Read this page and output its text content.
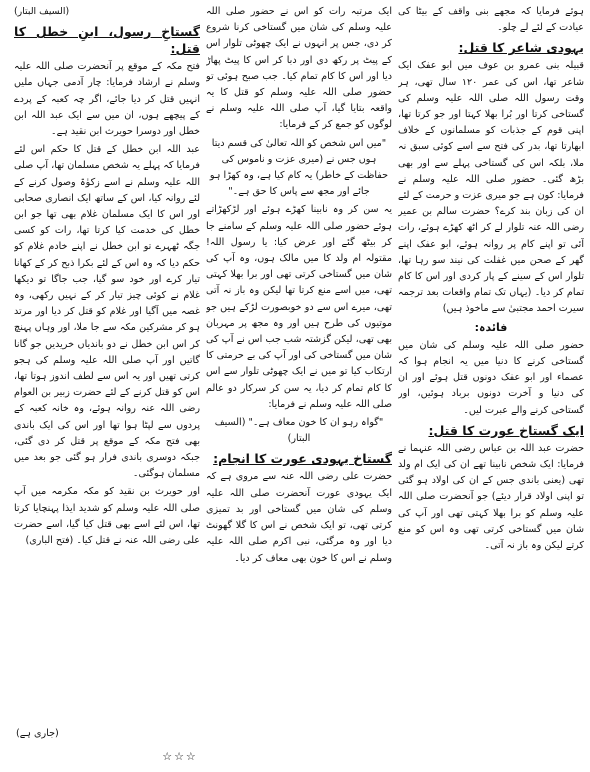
ہوئے فرمایا کہ مجھے بنی واقف کے بیٹا کی عیادت کے لئے لے چلو۔

یہودی شاعر کا قتل:

قبیلہ بنی عمرو بن عوف میں ابو عفک ایک شاعر تھا، اس کی عمر ۱۲۰ سال تھی، ہر وقت رسول اللہ صلی اللہ علیہ وسلم کی گستاخی کرتا اور بُرا بھلا کہتا اور جو کرتا تھا، اپنی قوم کے جذبات کو مسلمانوں کے خلاف ابھارتا تھا، بدر کی فتح سے اسے کوئی سبق نہ ملا، بلکہ اس کی گستاخی پہلے سے اور بھی بڑھ گئی۔ حضور صلی اللہ علیہ وسلم نے فرمایا: کون ہے جو میری عزت و حرمت کے لئے ان کی زبان بند کرے؟ حضرت سالم بن عمیر رضی اللہ عنہ تلوار لے کر اٹھ کھڑے ہوئے، رات آئی تو اپنے کام پر روانہ ہوئے، ابو عفک اپنے گھر کے صحن میں غفلت کی نیند سو رہا تھا، تلوار اس کے سینے کے پار کردی اور اس کا کام تمام کر دیا۔ (یہاں تک تمام واقعات بعد ترجمہ سیرت احمد مجتبیٰ سے ماخوذ ہیں)

فائدہ:

حضور صلی اللہ علیہ وسلم کی شان میں گستاخی کرنے کا دنیا میں یہ انجام ہوا کہ عصماء اور ابو عفک دونوں قتل ہوئے اور ان کی دنیا و آخرت دونوں برباد ہوئیں، اور گستاخی کرنے والے عبرت لیں۔

ایک گستاخ عورت کا قتل:

حضرت عبد اللہ بن عباس رضی اللہ عنہما نے فرمایا: ایک شخص نابینا تھے ان کی ایک ام ولد تھی (یعنی باندی جس کے ان کی اولاد ہو گئی تو اپنی اولاد قرار دیئے) جو آنحضرت صلی اللہ علیہ وسلم کو برا بھلا کہتی تھی اور آپ کی شان میں گستاخی کرتی تھی وہ اس کو منع کرتے لیکن وہ باز نہ آتی۔

ایک مرتبہ رات کو اس نے حضور صلی اللہ علیہ وسلم کی شان میں گستاخی کرنا شروع کر دی، جس پر انہوں نے ایک چھوٹی تلوار اس کے پیٹ پر رکھ دی اور دبا کر اس کا پیٹ پھاڑ دیا اور اس کا کام تمام کیا۔ جب صبح ہوئی تو حضور صلی اللہ علیہ وسلم کو قتل کا یہ واقعہ بتایا گیا، آپ صلی اللہ علیہ وسلم نے لوگوں کو جمع کر کے فرمایا:

"میں اس شخص کو اللہ تعالیٰ کی قسم دیتا ہوں جس نے (میری عزت و ناموس کی حفاظت کے خاطر) یہ کام کیا ہے، وہ کھڑا ہو جائے اور مجھ سے پاس کا حق ہے۔"

یہ سن کر وہ نابینا کھڑے ہوئے اور لڑکھڑاتے ہوئے حضور صلی اللہ علیہ وسلم کے سامنے جا کر بیٹھ گئے اور عرض کیا: یا رسول اللہ! مقتولہ ام ولد کا میں مالک ہوں، وہ آپ کی شان میں گستاخی کرتی تھی اور برا بھلا کہتی تھی، میں اسے منع کرتا تھا لیکن وہ باز نہ آتی تھی، میرے اس سے دو خوبصورت لڑکے ہیں جو موتیوں کی طرح ہیں اور وہ مجھ پر مہربان بھی تھی، لیکن گزشتہ شب جب اس نے آپ کی شان میں گستاخی کی اور آپ کی بے حرمتی کا ارتکاب کیا تو میں نے ایک چھوٹی تلوار سے اس کا کام تمام کر دیا، یہ سن کر سرکار دو عالم صلی اللہ علیہ وسلم نے فرمایا:

"گواہ رہو ان کا خون معاف ہے۔" (السیف البتار)

گستاخ یہودی عورت کا انجام:

حضرت علی رضی اللہ عنہ سے مروی ہے کہ ایک یہودی عورت آنحضرت صلی اللہ علیہ وسلم کی شان میں گستاخی اور بد تمیزی کرتی تھی، تو ایک شخص نے اس کا گلا گھونٹ دیا اور وہ مرگئی، نبی اکرم صلی اللہ علیہ وسلم نے اس کا خون بھی معاف کر دیا۔

(السیف البتار)

گستاخِ رسول، ابنِ خطل کا قتل:

فتح مکہ کے موقع پر آنحضرت صلی اللہ علیہ وسلم نے ارشاد فرمایا: چار آدمی جہاں ملیں انہیں قتل کر دیا جائے، اگر چہ کعبہ کے پردے کے پیچھے ہوں، ان میں سے ایک عبد اللہ ابن خطل اور دوسرا حویرث ابن نقید ہے۔

عبد اللہ ابن خطل کے قتل کا حکم اس لئے فرمایا کہ پہلے یہ شخص مسلمان تھا، آپ صلی اللہ علیہ وسلم نے اسے زکوٰۃ وصول کرنے کے لئے روانہ کیا، اس کے ساتھ ایک انصاری صحابی اور اس کا ایک مسلمان غلام بھی تھا جو ابن خطل کی خدمت کیا کرتا تھا، رات کو کسی جگہ ٹھہرے تو ابن خطل نے اپنے خادم غلام کو حکم دیا کہ وہ اس کے لئے بکرا ذبح کر کے کھانا تیار کرے اور خود سو گیا، جب جاگا تو دیکھا غلام نے کوئی چیز تیار کر کے نہیں رکھی، وہ غصہ میں آگیا اور غلام کو قتل کر دیا اور مرتد ہو کر مشرکین مکہ سے جا ملا، اور وہاں پہنچ کر اس ابن خطل نے دو باندیاں خریدیں جو گانا گاتیں اور آپ صلی اللہ علیہ وسلم کی ہجو کرتی تھیں اور یہ اس سے لطف اندوز ہوتا تھا، اس کو قتل کرنے کے لئے حضرت زبیر بن العوام رضی اللہ عنہ روانہ ہوئے، وہ خانہ کعبہ کے پردوں سے لپٹا ہوا تھا اور اس کی ایک باندی بھی فتح مکہ کے موقع پر قتل کر دی گئی، جبکہ دوسری باندی فرار ہو گئی جو بعد میں مسلمان ہوگئی۔

اور حویرث بن نقید کو مکہ مکرمہ میں آپ صلی اللہ علیہ وسلم کو شدید ایذا پہنچایا کرتا تھا، اس لئے اسے بھی قتل کیا گیا، اسے حضرت علی رضی اللہ عنہ نے قتل کیا۔ (فتح الباری)

(جاری ہے)
☆☆☆
